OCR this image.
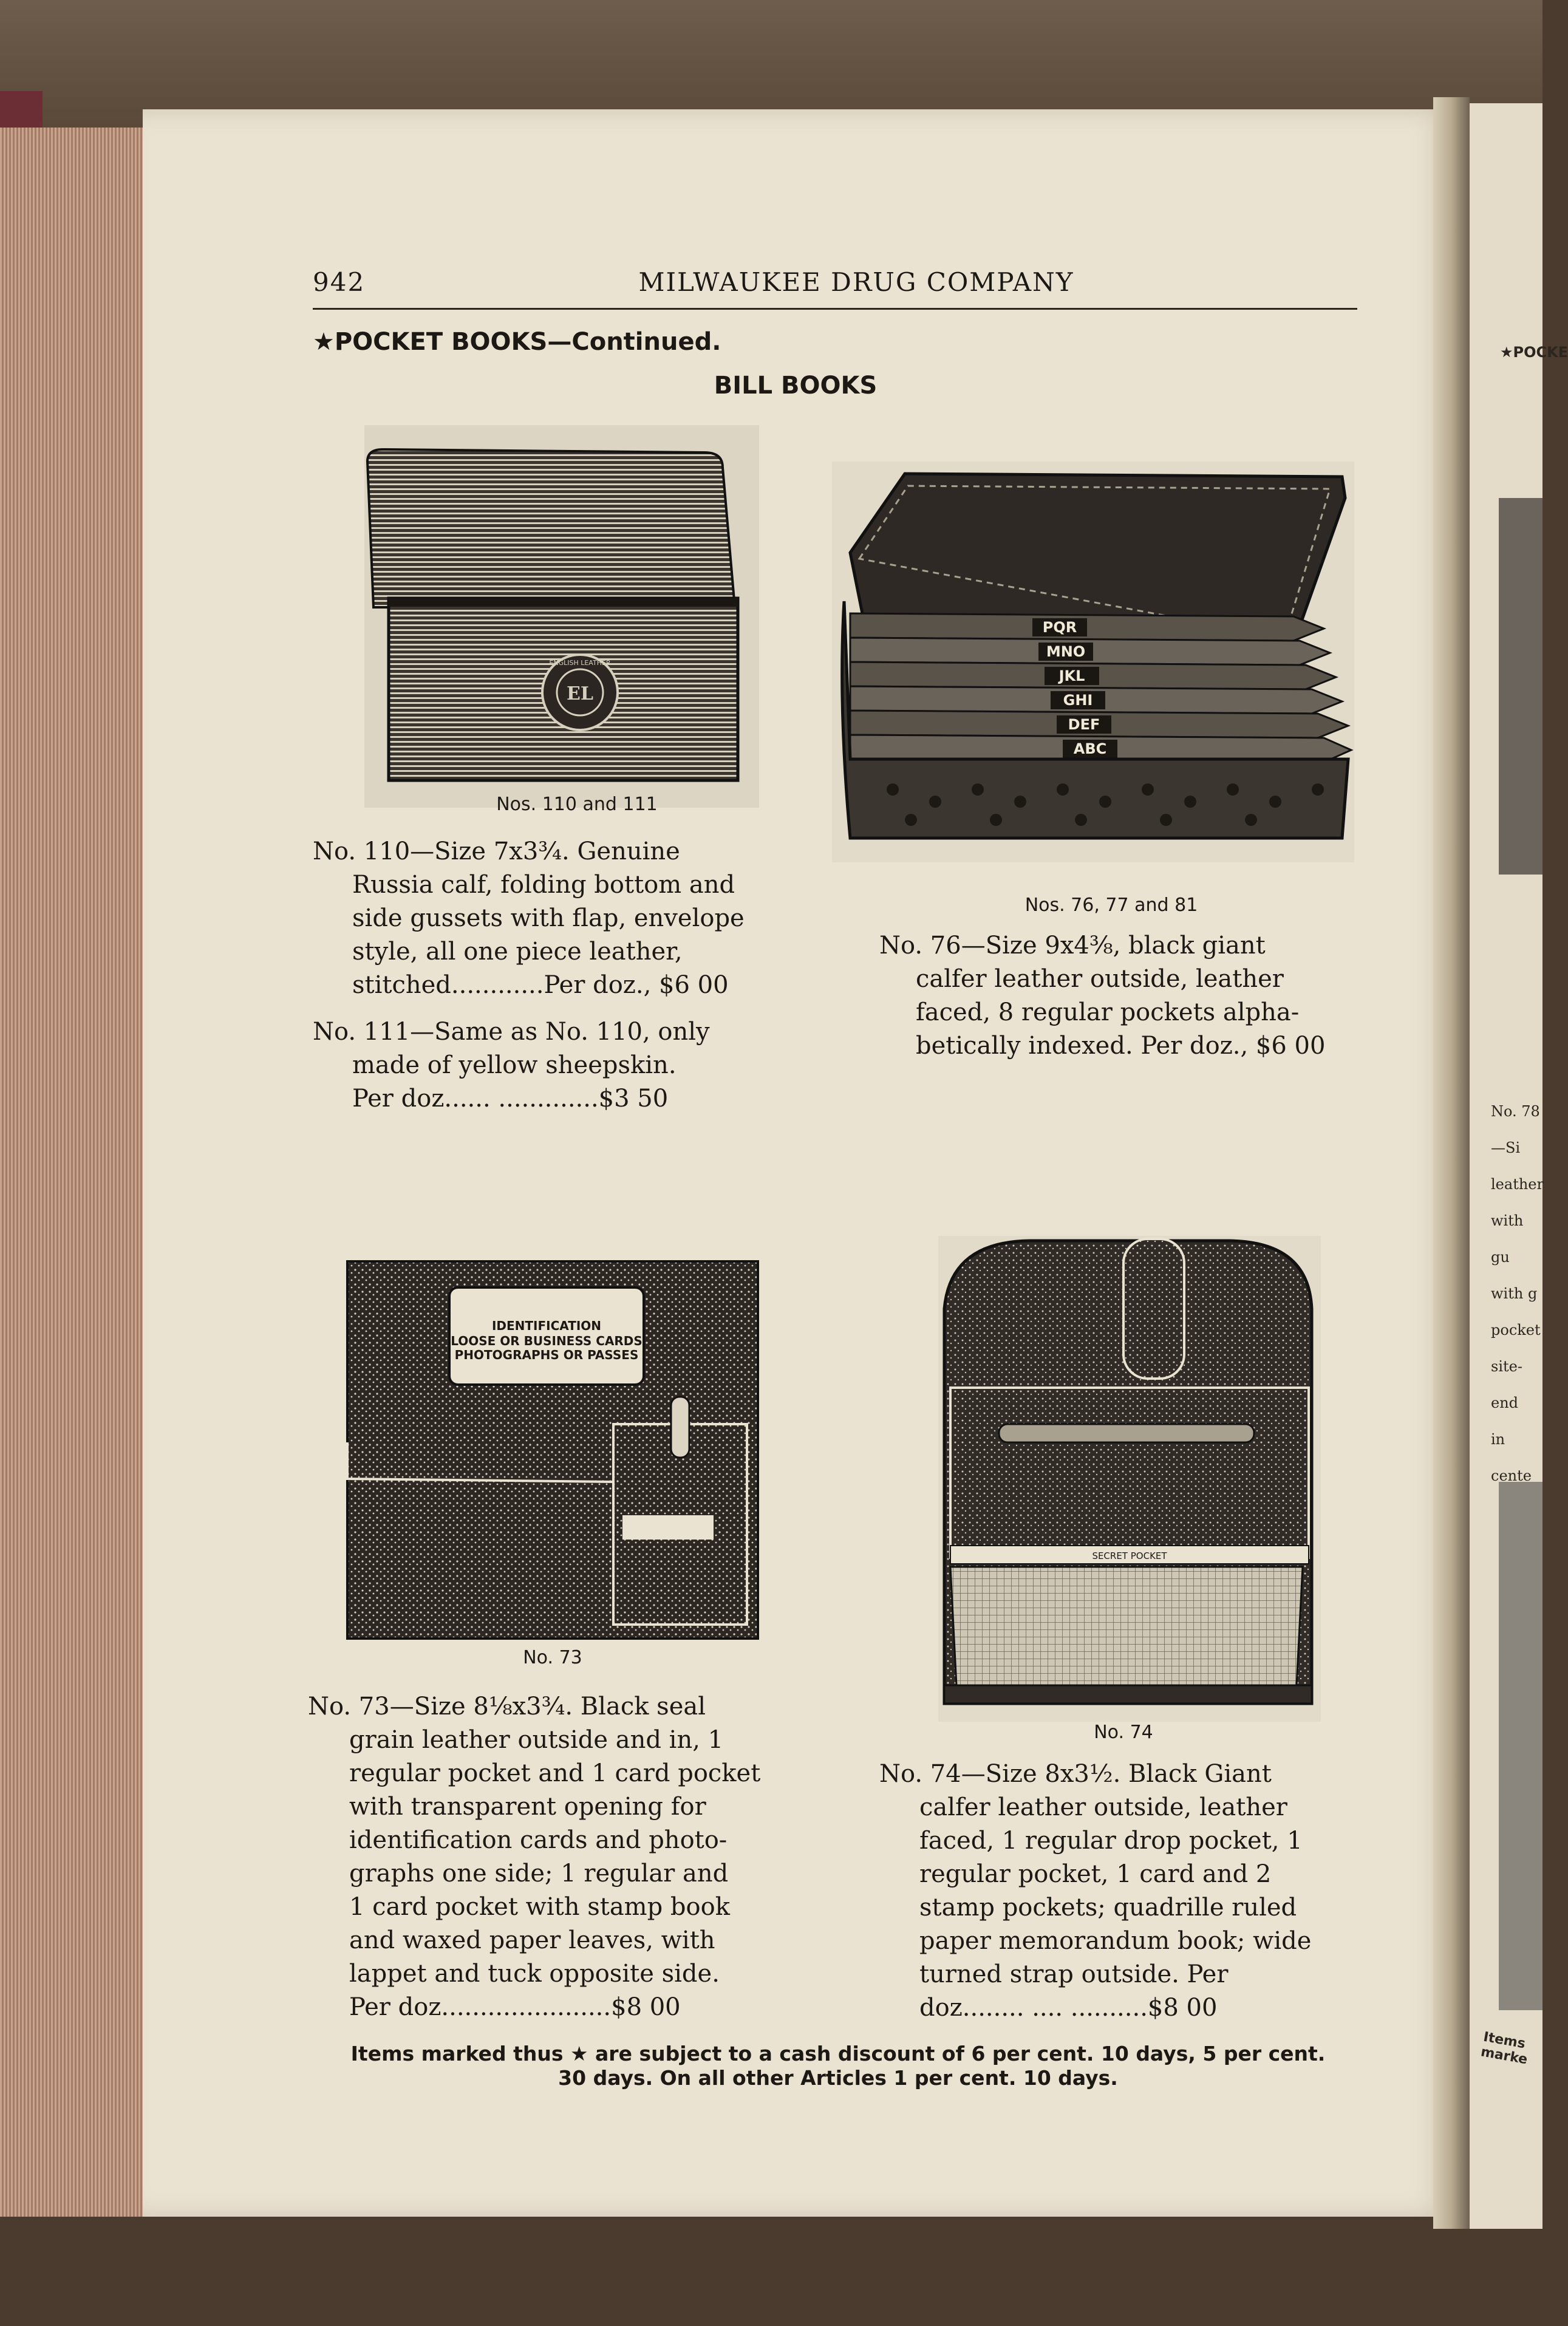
★POCKE
No. 78—Si
leather
with gu
with g
pocket
site-end
in cente
Items marke
942	MILWAUKEE DRUG COMPANY
★POCKET BOOKS—Continued.
BILL BOOKS
EL
ENGLISH LEATHER
Nos. 110 and 111
No. 110—Size 7x3¾. Genuine
Russia calf, folding bottom and
side gussets with flap, envelope
style, all one piece leather,
stitched............Per doz., $6 00
No. 111—Same as No. 110, only
made of yellow sheepskin.
Per doz...... .............$3 50
PQR
MNO
JKL
GHI
DEF
ABC
Nos. 76, 77 and 81
No. 76—Size 9x4⅜, black giant
calfer leather outside, leather
faced, 8 regular pockets alpha-
betically indexed. Per doz., $6 00
IDENTIFICATION
LOOSE OR BUSINESS CARDS
PHOTOGRAPHS OR PASSES
No. 73
No. 73—Size 8⅛x3¾. Black seal
grain leather outside and in, 1
regular pocket and 1 card pocket
with transparent opening for
identification cards and photo-
graphs one side; 1 regular and
1 card pocket with stamp book
and waxed paper leaves, with
lappet and tuck opposite side.
Per doz......................$8 00
SECRET POCKET
No. 74
No. 74—Size 8x3½. Black Giant
calfer leather outside, leather
faced, 1 regular drop pocket, 1
regular pocket, 1 card and 2
stamp pockets; quadrille ruled
paper memorandum book; wide
turned strap outside. Per
doz........ .... ..........$8 00
Items marked thus ★ are subject to a cash discount of 6 per cent. 10 days, 5 per cent.
30 days. On all other Articles 1 per cent. 10 days.
